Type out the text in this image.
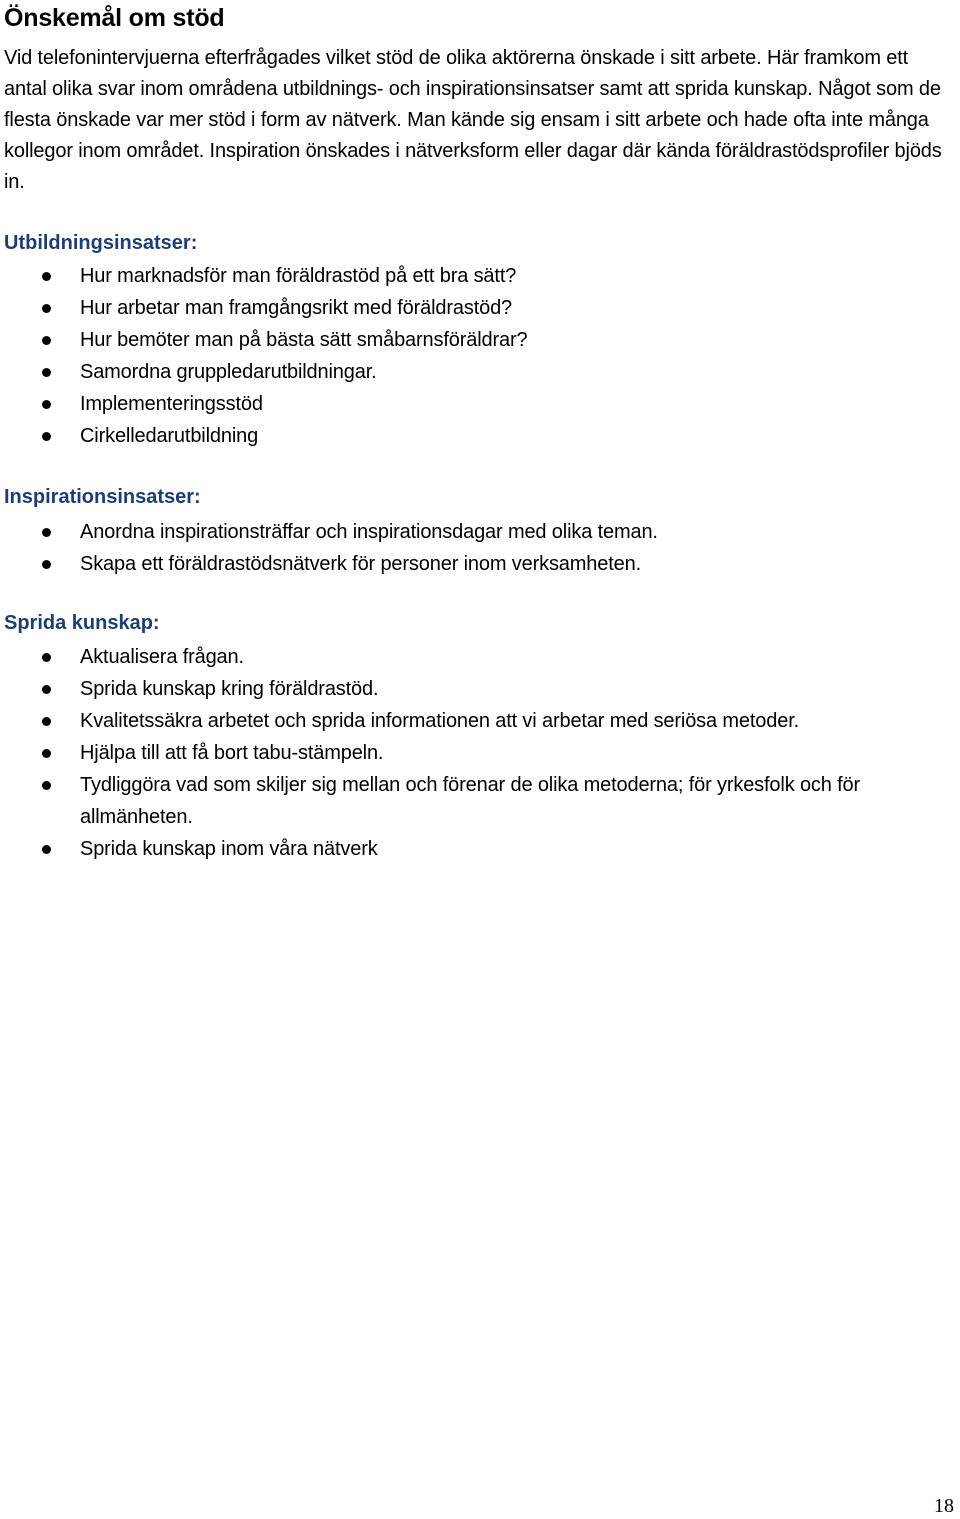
Önskemål om stöd

Vid telefonintervjuerna efterfrågades vilket stöd de olika aktörerna önskade i sitt arbete. Här framkom ett antal olika svar inom områdena utbildnings- och inspirationsinsatser samt att sprida kunskap. Något som de flesta önskade var mer stöd i form av nätverk. Man kände sig ensam i sitt arbete och hade ofta inte många kollegor inom området. Inspiration önskades i nätverksform eller dagar där kända föräldrastödsprofiler bjöds in.

Utbildningsinsatser:
Hur marknadsför man föräldrastöd på ett bra sätt?
Hur arbetar man framgångsrikt med föräldrastöd?
Hur bemöter man på bästa sätt småbarnsföräldrar?
Samordna gruppledarutbildningar.
Implementeringsstöd
Cirkelledarutbildning
Inspirationsinsatser:
Anordna inspirationsträffar och inspirationsdagar med olika teman.
Skapa ett föräldrastödsnätverk för personer inom verksamheten.
Sprida kunskap:
Aktualisera frågan.
Sprida kunskap kring föräldrastöd.
Kvalitetssäkra arbetet och sprida informationen att vi arbetar med seriösa metoder.
Hjälpa till att få bort tabu-stämpeln.
Tydliggöra vad som skiljer sig mellan och förenar de olika metoderna; för yrkesfolk och för allmänheten.
Sprida kunskap inom våra nätverk
18
